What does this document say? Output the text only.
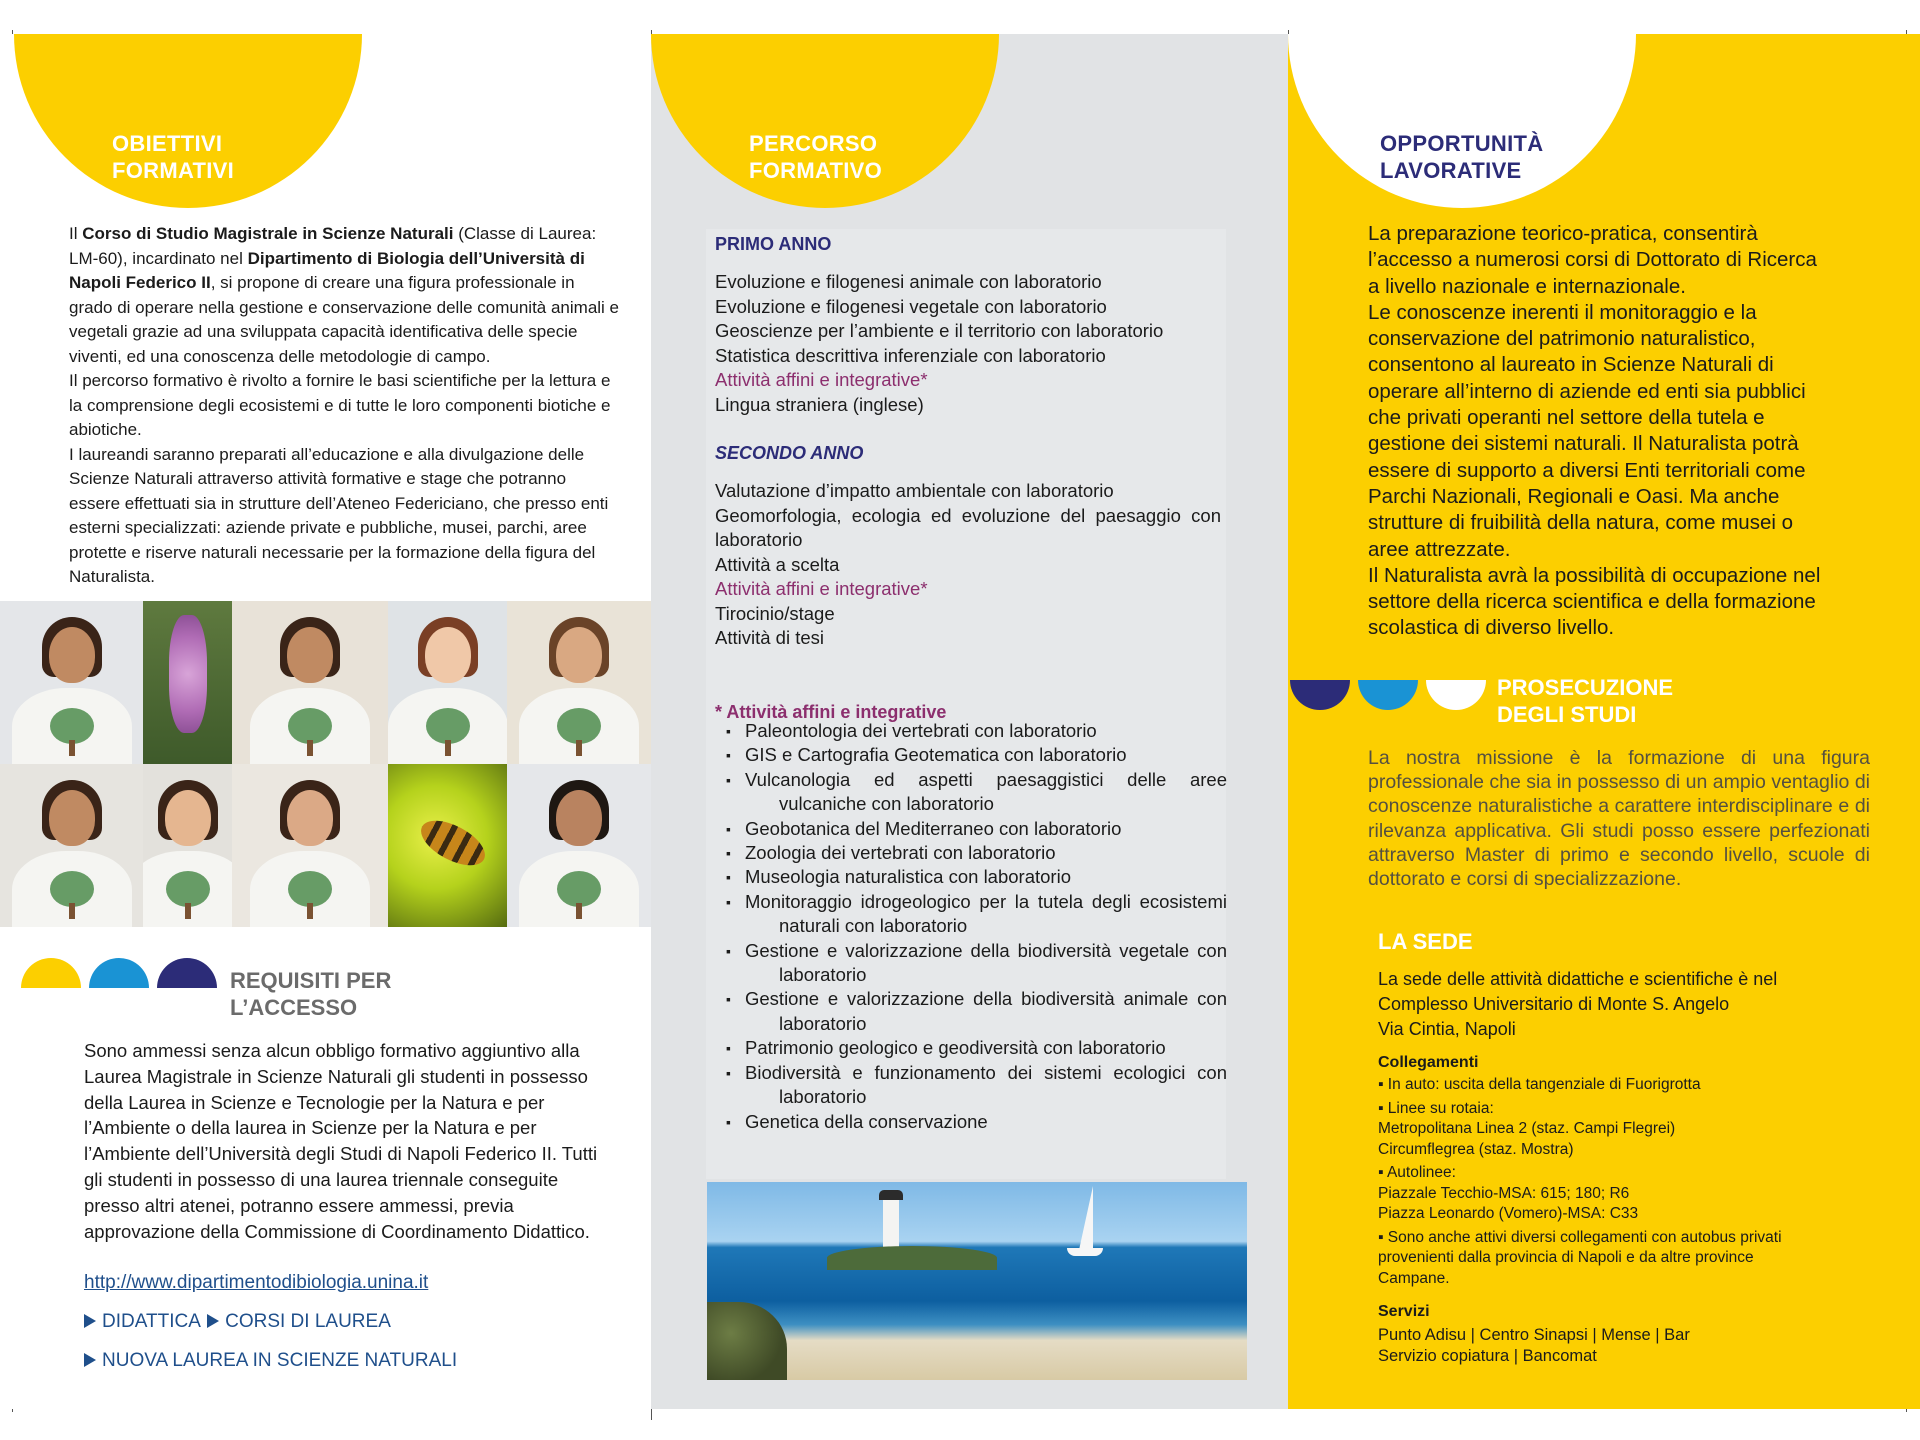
OBIETTIVI
FORMATIVI

Il Corso di Studio Magistrale in Scienze Naturali (Classe di Laurea: LM-60), incardinato nel Dipartimento di Biologia dell’Università di Napoli Federico II, si propone di creare una figura professionale in grado di operare nella gestione e conservazione delle comunità animali e vegetali grazie ad una sviluppata capacità identificativa delle specie viventi, ed una conoscenza delle metodologie di campo.

Il percorso formativo è rivolto a fornire le basi scientifiche per la lettura e la comprensione degli ecosistemi e di tutte le loro componenti biotiche e abiotiche.

I laureandi saranno preparati all’educazione e alla divulgazione delle Scienze Naturali attraverso attività formative e stage che potranno essere effettuati sia in strutture dell’Ateneo Federiciano, che presso enti esterni specializzati: aziende private e pubbliche, musei, parchi, aree protette e riserve naturali necessarie per la formazione della figura del Naturalista.

REQUISITI PER
L’ACCESSO

Sono ammessi senza alcun obbligo formativo aggiuntivo alla Laurea Magistrale in Scienze Naturali gli studenti in possesso della Laurea in Scienze e Tecnologie per la Natura e per l’Ambiente o della laurea in Scienze per la Natura e per l’Ambiente dell’Università degli Studi di Napoli Federico II. Tutti gli studenti in possesso di una laurea triennale conseguite presso altri atenei, potranno essere ammessi, previa approvazione della Commissione di Coordinamento Didattico.

http://www.dipartimentodibiologia.unina.it
DIDATTICA CORSI DI LAUREA
NUOVA LAUREA IN SCIENZE NATURALI
PERCORSO
FORMATIVO
PRIMO ANNO
Evoluzione e filogenesi animale con laboratorio
Evoluzione e filogenesi vegetale con laboratorio
Geoscienze per l’ambiente e il territorio con laboratorio
Statistica descrittiva inferenziale con laboratorio
Attività affini e integrative*
Lingua straniera (inglese)
SECONDO ANNO
Valutazione d’impatto ambientale con laboratorio
Geomorfologia, ecologia ed evoluzione del paesaggio con
laboratorio
Attività a scelta
Attività affini e integrative*
Tirocinio/stage
Attività di tesi
* Attività affini e integrative
▪ Paleontologia dei vertebrati con laboratorio
▪ GIS e Cartografia Geotematica con laboratorio
▪ Vulcanologia ed aspetti paesaggistici delle aree
vulcaniche con laboratorio
▪ Geobotanica del Mediterraneo con laboratorio
▪ Zoologia dei vertebrati con laboratorio
▪ Museologia naturalistica con laboratorio
▪ Monitoraggio idrogeologico per la tutela degli ecosistemi
naturali con laboratorio
▪ Gestione e valorizzazione della biodiversità vegetale con
laboratorio
▪ Gestione e valorizzazione della biodiversità animale con
laboratorio
▪ Patrimonio geologico e geodiversità con laboratorio
▪ Biodiversità e funzionamento dei sistemi ecologici con
laboratorio
▪ Genetica della conservazione
OPPORTUNITÀ
LAVORATIVE
La preparazione teorico-pratica, consentirà
l’accesso a numerosi corsi di Dottorato di Ricerca
a livello nazionale e internazionale.
Le conoscenze inerenti il monitoraggio e la
conservazione del patrimonio naturalistico,
consentono al laureato in Scienze Naturali di
operare all’interno di aziende ed enti sia pubblici
che privati operanti nel settore della tutela e
gestione dei sistemi naturali. Il Naturalista potrà
essere di supporto a diversi Enti territoriali come
Parchi Nazionali, Regionali e Oasi. Ma anche
strutture di fruibilità della natura, come musei o
aree attrezzate.
Il Naturalista avrà la possibilità di occupazione nel
settore della ricerca scientifica e della formazione
scolastica di diverso livello.
PROSECUZIONE
DEGLI STUDI

La nostra missione è la formazione di una figura professionale che sia in possesso di un ampio ventaglio di conoscenze naturalistiche a carattere interdisciplinare e di rilevanza applicativa. Gli studi posso essere perfezionati attraverso Master di primo e secondo livello, scuole di dottorato e corsi di specializzazione.

LA SEDE
La sede delle attività didattiche e scientifiche è nel
Complesso Universitario di Monte S. Angelo
Via Cintia, Napoli
Collegamenti
▪ In auto: uscita della tangenziale di Fuorigrotta
▪ Linee su rotaia:
Metropolitana Linea 2 (staz. Campi Flegrei)
Circumflegrea (staz. Mostra)
▪ Autolinee:
Piazzale Tecchio-MSA: 615; 180; R6
Piazza Leonardo (Vomero)-MSA: C33
▪ Sono anche attivi diversi collegamenti con autobus privati
provenienti dalla provincia di Napoli e da altre province
Campane.
Servizi
Punto Adisu | Centro Sinapsi | Mense | Bar
Servizio copiatura | Bancomat
